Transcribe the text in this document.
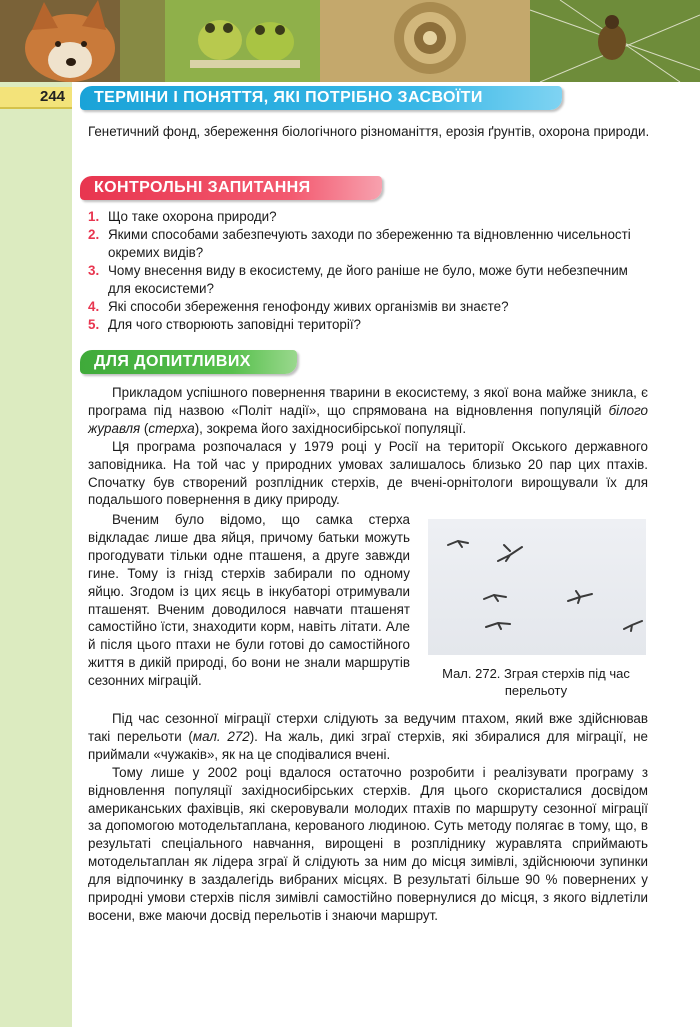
244	ТЕРМІНИ І ПОНЯТТЯ, ЯКІ ПОТРІБНО ЗАСВОЇТИ
Генетичний фонд, збереження біологічного різноманіття, ерозія ґрунтів, охорона природи.
КОНТРОЛЬНІ ЗАПИТАННЯ
1. Що таке охорона природи?
2. Якими способами забезпечують заходи по збереженню та відновленню чисельності окремих видів?
3. Чому внесення виду в екосистему, де його раніше не було, може бути небезпечним для екосистеми?
4. Які способи збереження генофонду живих організмів ви знаєте?
5. Для чого створюють заповідні території?
ДЛЯ ДОПИТЛИВИХ

Прикладом успішного повернення тварини в екосистему, з якої вона майже зникла, є програма під назвою «Політ надії», що спрямована на відновлення популяцій білого журавля (стерха), зокрема його західносибірської популяції.

Ця програма розпочалася у 1979 році у Росії на території Окського державного заповідника. На той час у природних умовах залишалось близько 20 пар цих птахів. Спочатку був створений розплідник стерхів, де вчені-орнітологи вирощували їх для подальшого повернення в дику природу.

Вченим було відомо, що самка стерха відкладає лише два яйця, причому батьки можуть прогодувати тільки одне пташеня, а друге завжди гине. Тому із гнізд стерхів забирали по одному яйцю. Згодом із цих яєць в інкубаторі отримували пташенят. Вченим доводилося навчати пташенят самостійно їсти, знаходити корм, навіть літати. Але й після цього птахи не були готові до самостійного життя в дикій природі, бо вони не знали маршрутів сезонних міграцій.	Мал. 272. Зграя стерхів під час перельоту

Під час сезонної міграції стерхи слідують за ведучим птахом, який вже здійснював такі перельоти (мал. 272). На жаль, дикі зграї стерхів, які збиралися для міграції, не приймали «чужаків», як на це сподівалися вчені.

Тому лише у 2002 році вдалося остаточно розробити і реалізувати програму з відновлення популяції західносибірських стерхів. Для цього скористалися досвідом американських фахівців, які скеровували молодих птахів по маршруту сезонної міграції за допомогою мотодельтаплана, керованого людиною. Суть методу полягає в тому, що, в результаті спеціального навчання, вирощені в розпліднику журавлята сприймають мотодельтаплан як лідера зграї й слідують за ним до місця зимівлі, здійснюючи зупинки для відпочинку в заздалегідь вибраних місцях. В результаті більше 90 % повернених у природні умови стерхів після зимівлі самостійно повернулися до місця, з якого відлетіли восени, вже маючи досвід перельотів і знаючи маршрут.
